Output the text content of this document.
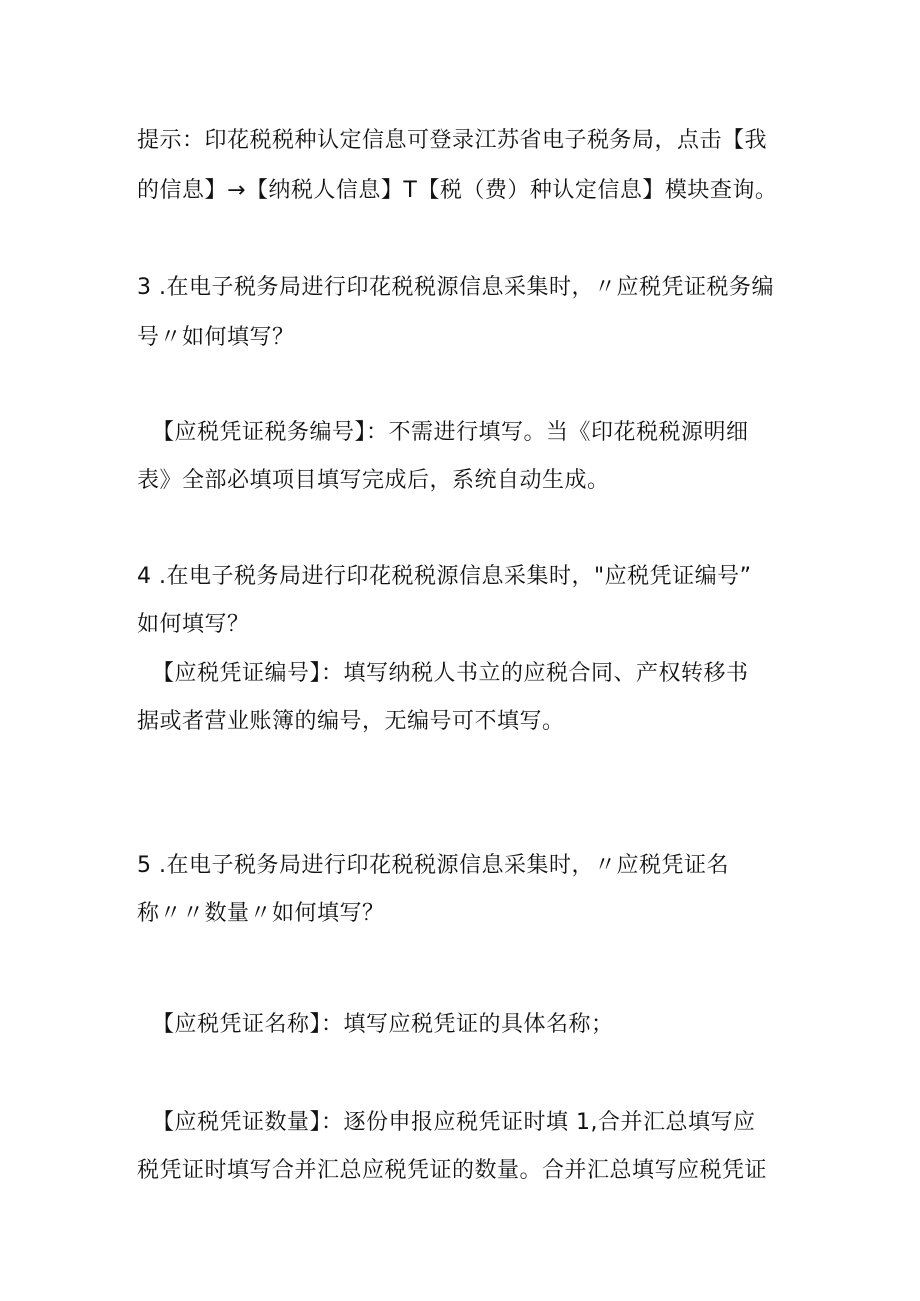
提示：印花税税种认定信息可登录江苏省电子税务局，点击【我
的信息】→【纳税人信息】T【税（费）种认定信息】模块查询。
3 .在电子税务局进行印花税税源信息采集时，〃应税凭证税务编
号〃如何填写？
【应税凭证税务编号】：不需进行填写。当《印花税税源明细
表》全部必填项目填写完成后，系统自动生成。
4 .在电子税务局进行印花税税源信息采集时，"应税凭证编号”
如何填写？
【应税凭证编号】：填写纳税人书立的应税合同、产权转移书
据或者营业账簿的编号，无编号可不填写。
5 .在电子税务局进行印花税税源信息采集时，〃应税凭证名
称〃〃数量〃如何填写？
【应税凭证名称】：填写应税凭证的具体名称；
【应税凭证数量】：逐份申报应税凭证时填 1,合并汇总填写应
税凭证时填写合并汇总应税凭证的数量。合并汇总填写应税凭证
